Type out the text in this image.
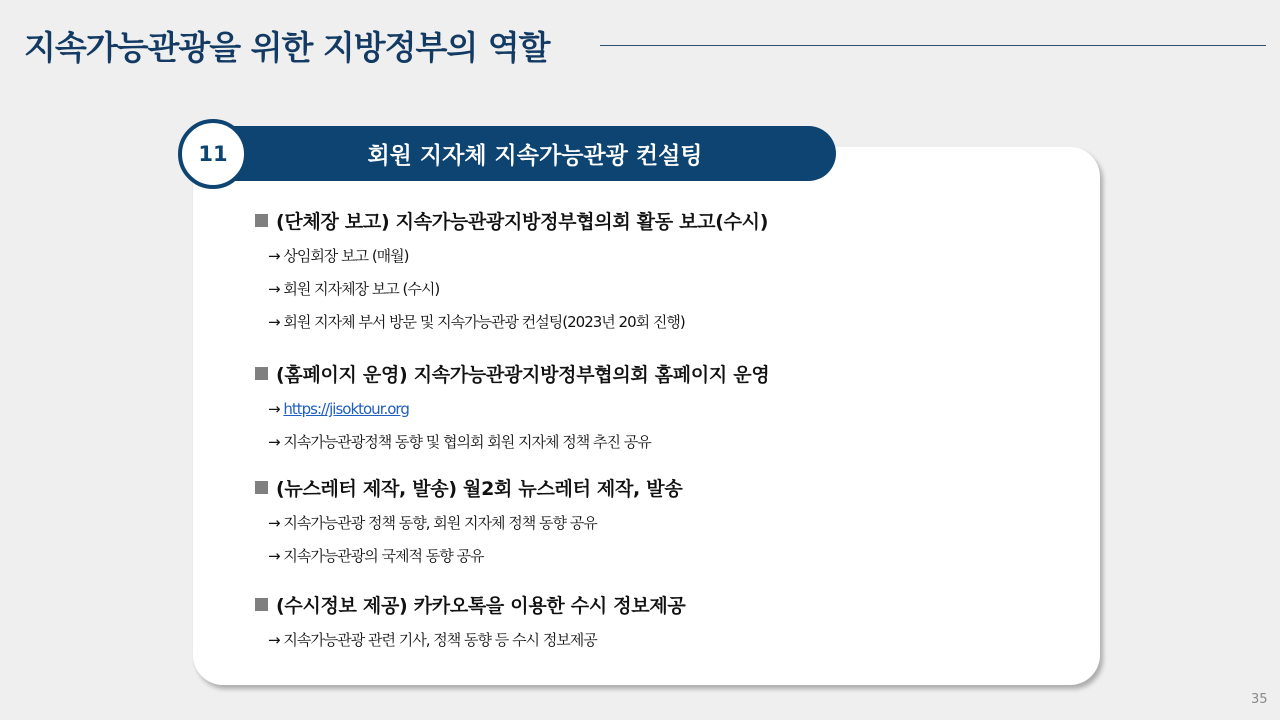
지속가능관광을 위한 지방정부의 역할
회원 지자체 지속가능관광 컨설팅
11
(단체장 보고) 지속가능관광지방정부협의회 활동 보고(수시)
→ 상임회장 보고 (매월)
→ 회원 지자체장 보고 (수시)
→ 회원 지자체 부서 방문 및 지속가능관광 컨설팅(2023년 20회 진행)
(홈페이지 운영) 지속가능관광지방정부협의회 홈페이지 운영
→ https://jisoktour.org
→ 지속가능관광정책 동향 및 협의회 회원 지자체 정책 추진 공유
(뉴스레터 제작, 발송) 월2회 뉴스레터 제작, 발송
→ 지속가능관광 정책 동향, 회원 지자체 정책 동향 공유
→ 지속가능관광의 국제적 동향 공유
(수시정보 제공) 카카오톡을 이용한 수시 정보제공
→ 지속가능관광 관련 기사, 정책 동향 등 수시 정보제공
35
